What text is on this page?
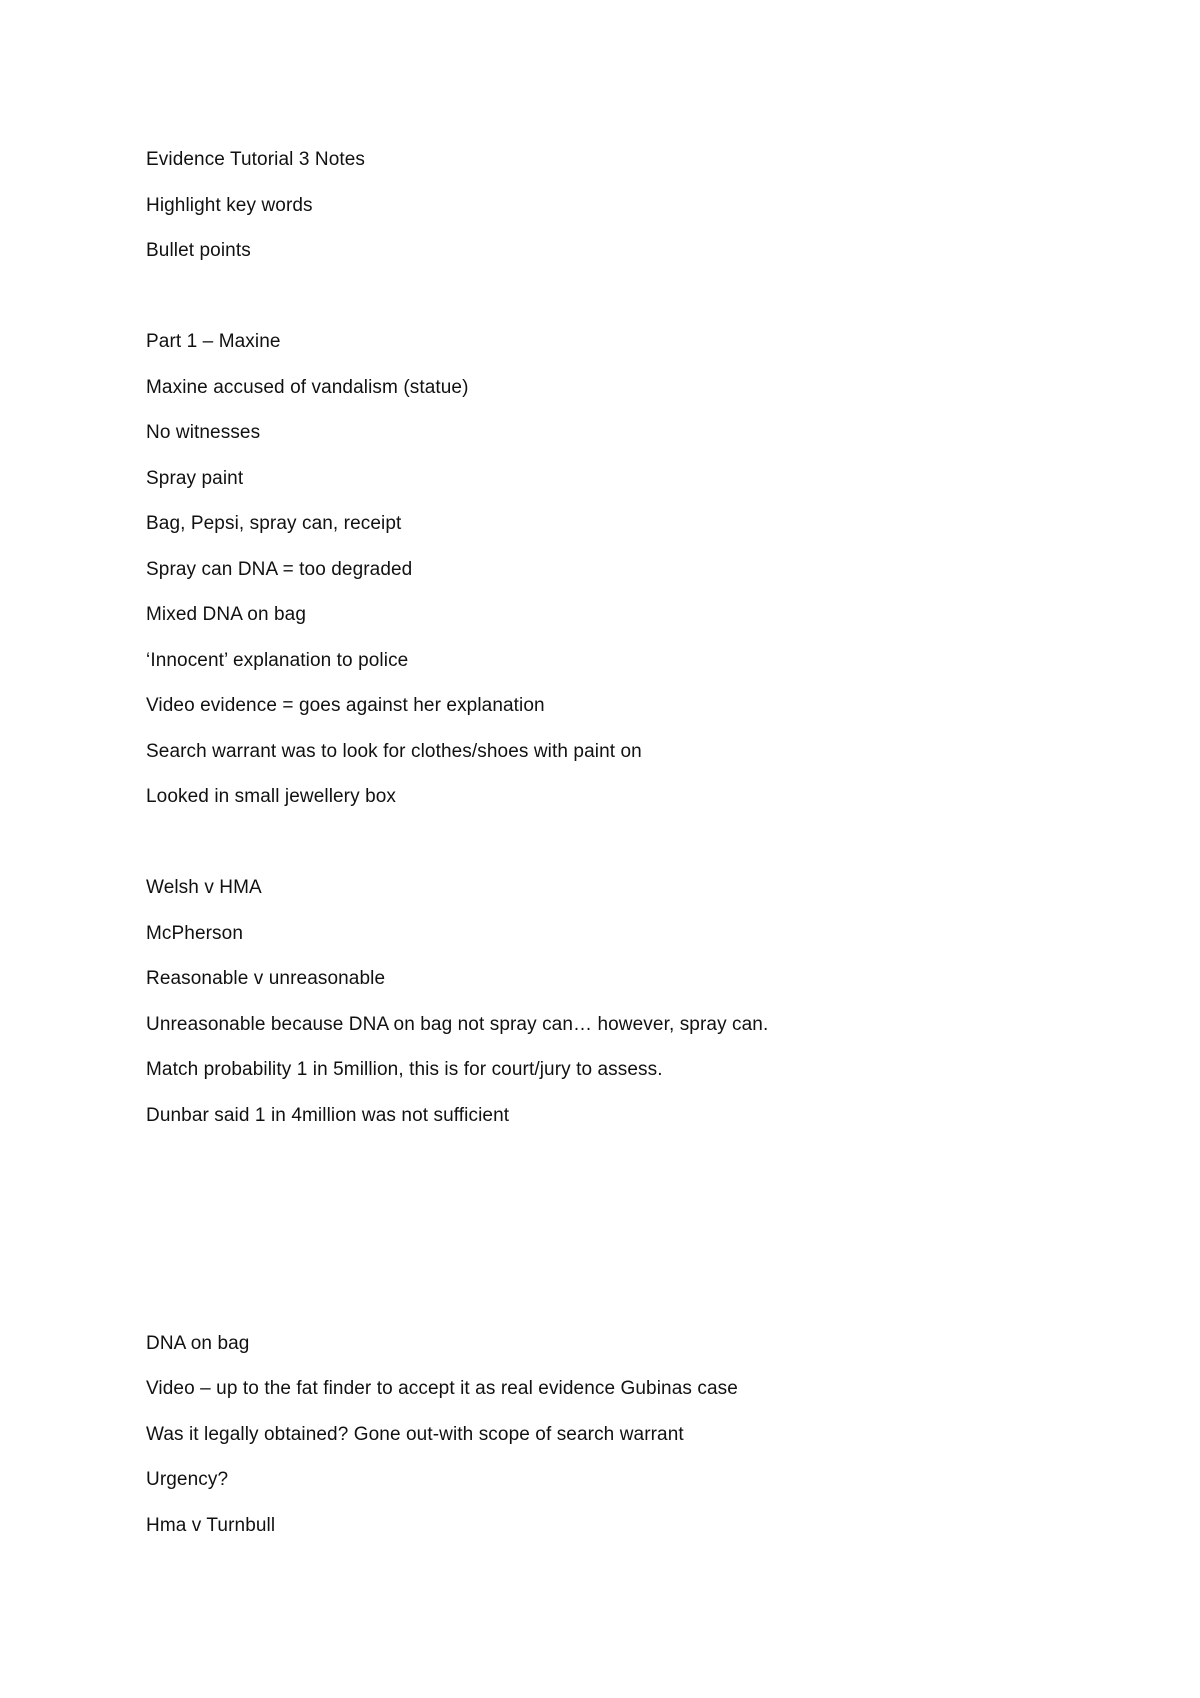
Evidence Tutorial 3 Notes
Highlight key words
Bullet points
Part 1 – Maxine
Maxine accused of vandalism (statue)
No witnesses
Spray paint
Bag, Pepsi, spray can, receipt
Spray can DNA = too degraded
Mixed DNA on bag
‘Innocent’ explanation to police
Video evidence = goes against her explanation
Search warrant was to look for clothes/shoes with paint on
Looked in small jewellery box
Welsh v HMA
McPherson
Reasonable v unreasonable
Unreasonable because DNA on bag not spray can… however, spray can.
Match probability 1 in 5million, this is for court/jury to assess.
Dunbar said 1 in 4million was not sufficient
DNA on bag
Video – up to the fat finder to accept it as real evidence Gubinas case
Was it legally obtained? Gone out-with scope of search warrant
Urgency?
Hma v Turnbull
